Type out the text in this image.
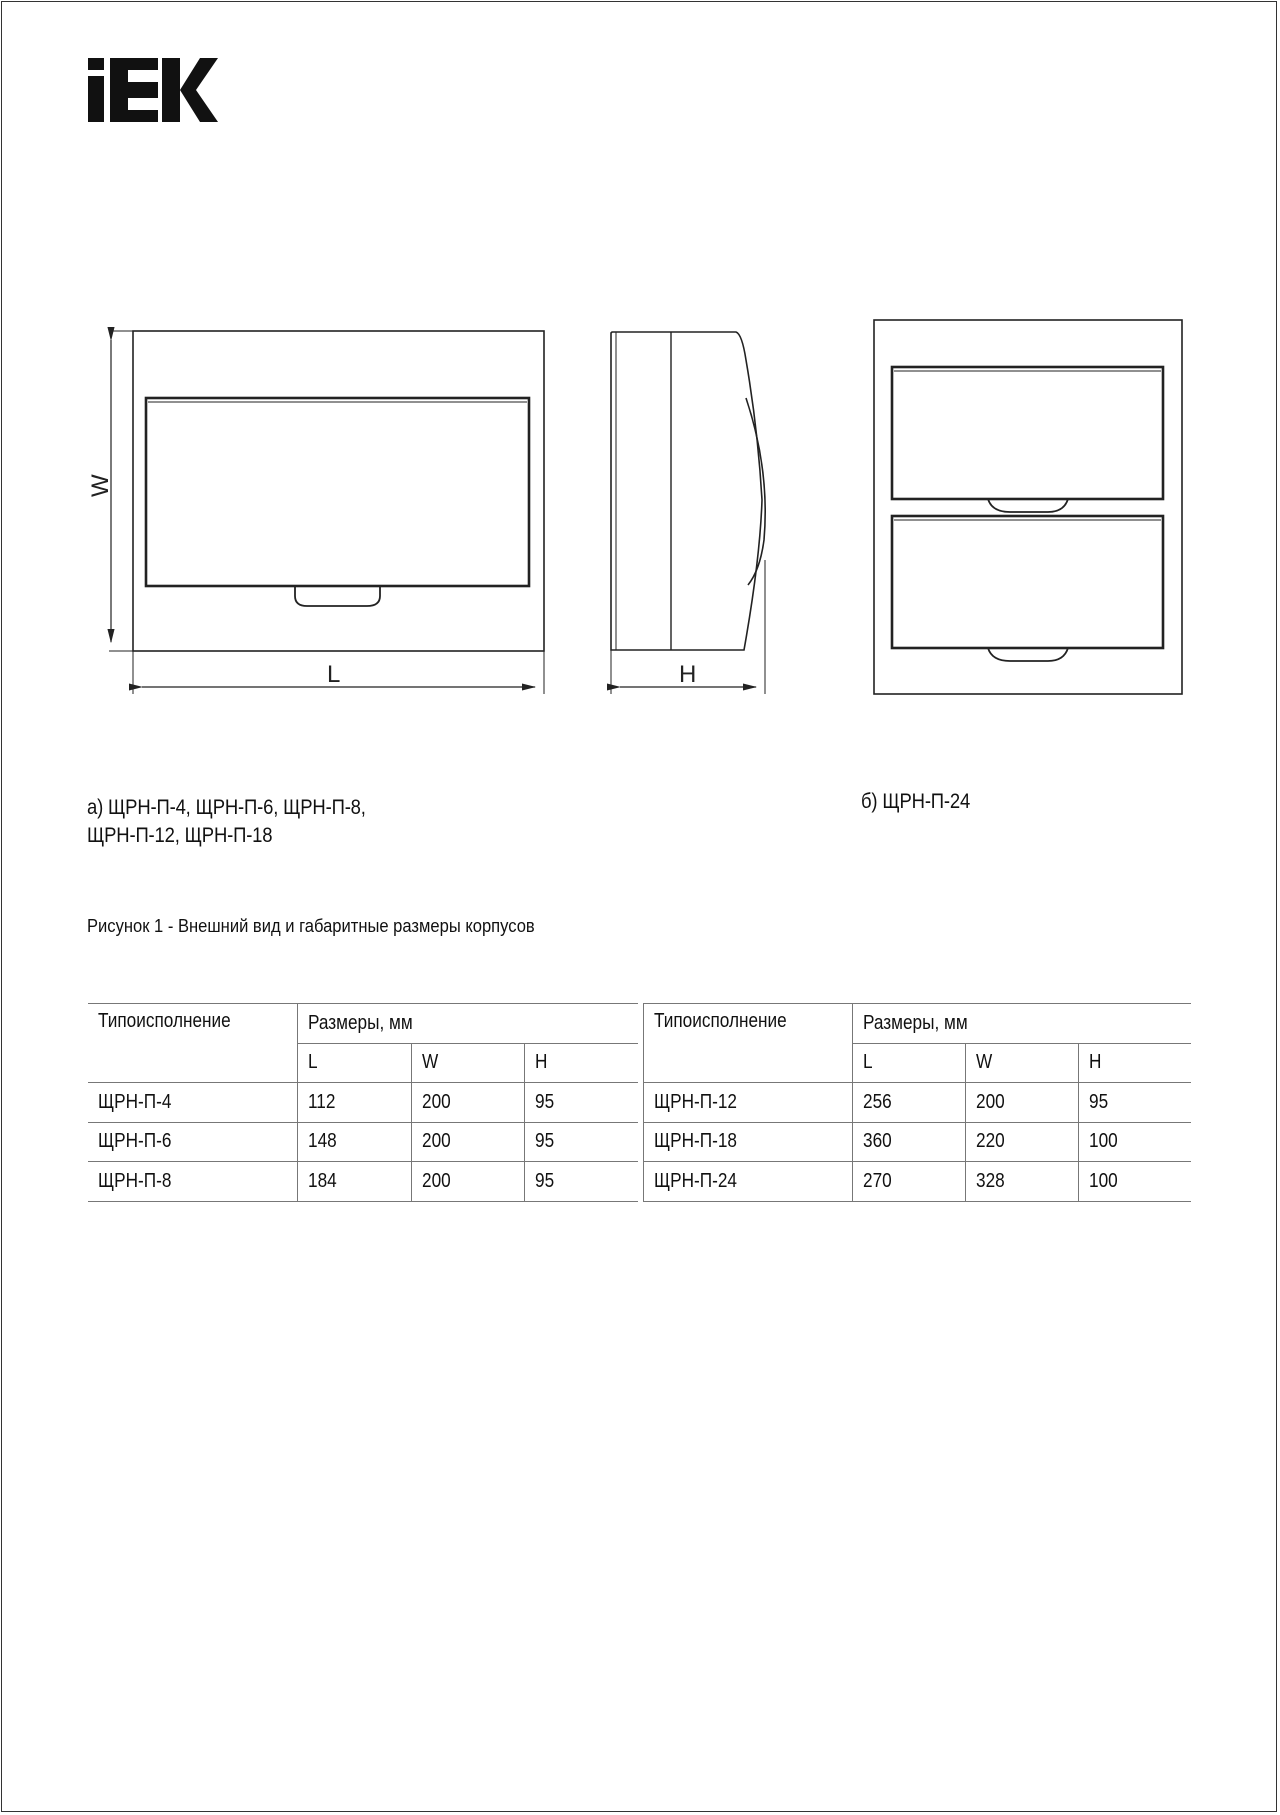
W
L	H
а) ЩРН-П-4, ЩРН-П-6, ЩРН-П-8,
ЩРН-П-12, ЩРН-П-18
б) ЩРН-П-24
Рисунок 1 - Внешний вид и габаритные размеры корпусов
Типоисполнение	Размеры, мм		
	L	W	H
ЩРН-П-4	112	200	95
ЩРН-П-6	148	200	95
ЩРН-П-8	184	200	95
Типоисполнение	Размеры, мм		
	L	W	H
ЩРН-П-12	256	200	95
ЩРН-П-18	360	220	100
ЩРН-П-24	270	328	100
